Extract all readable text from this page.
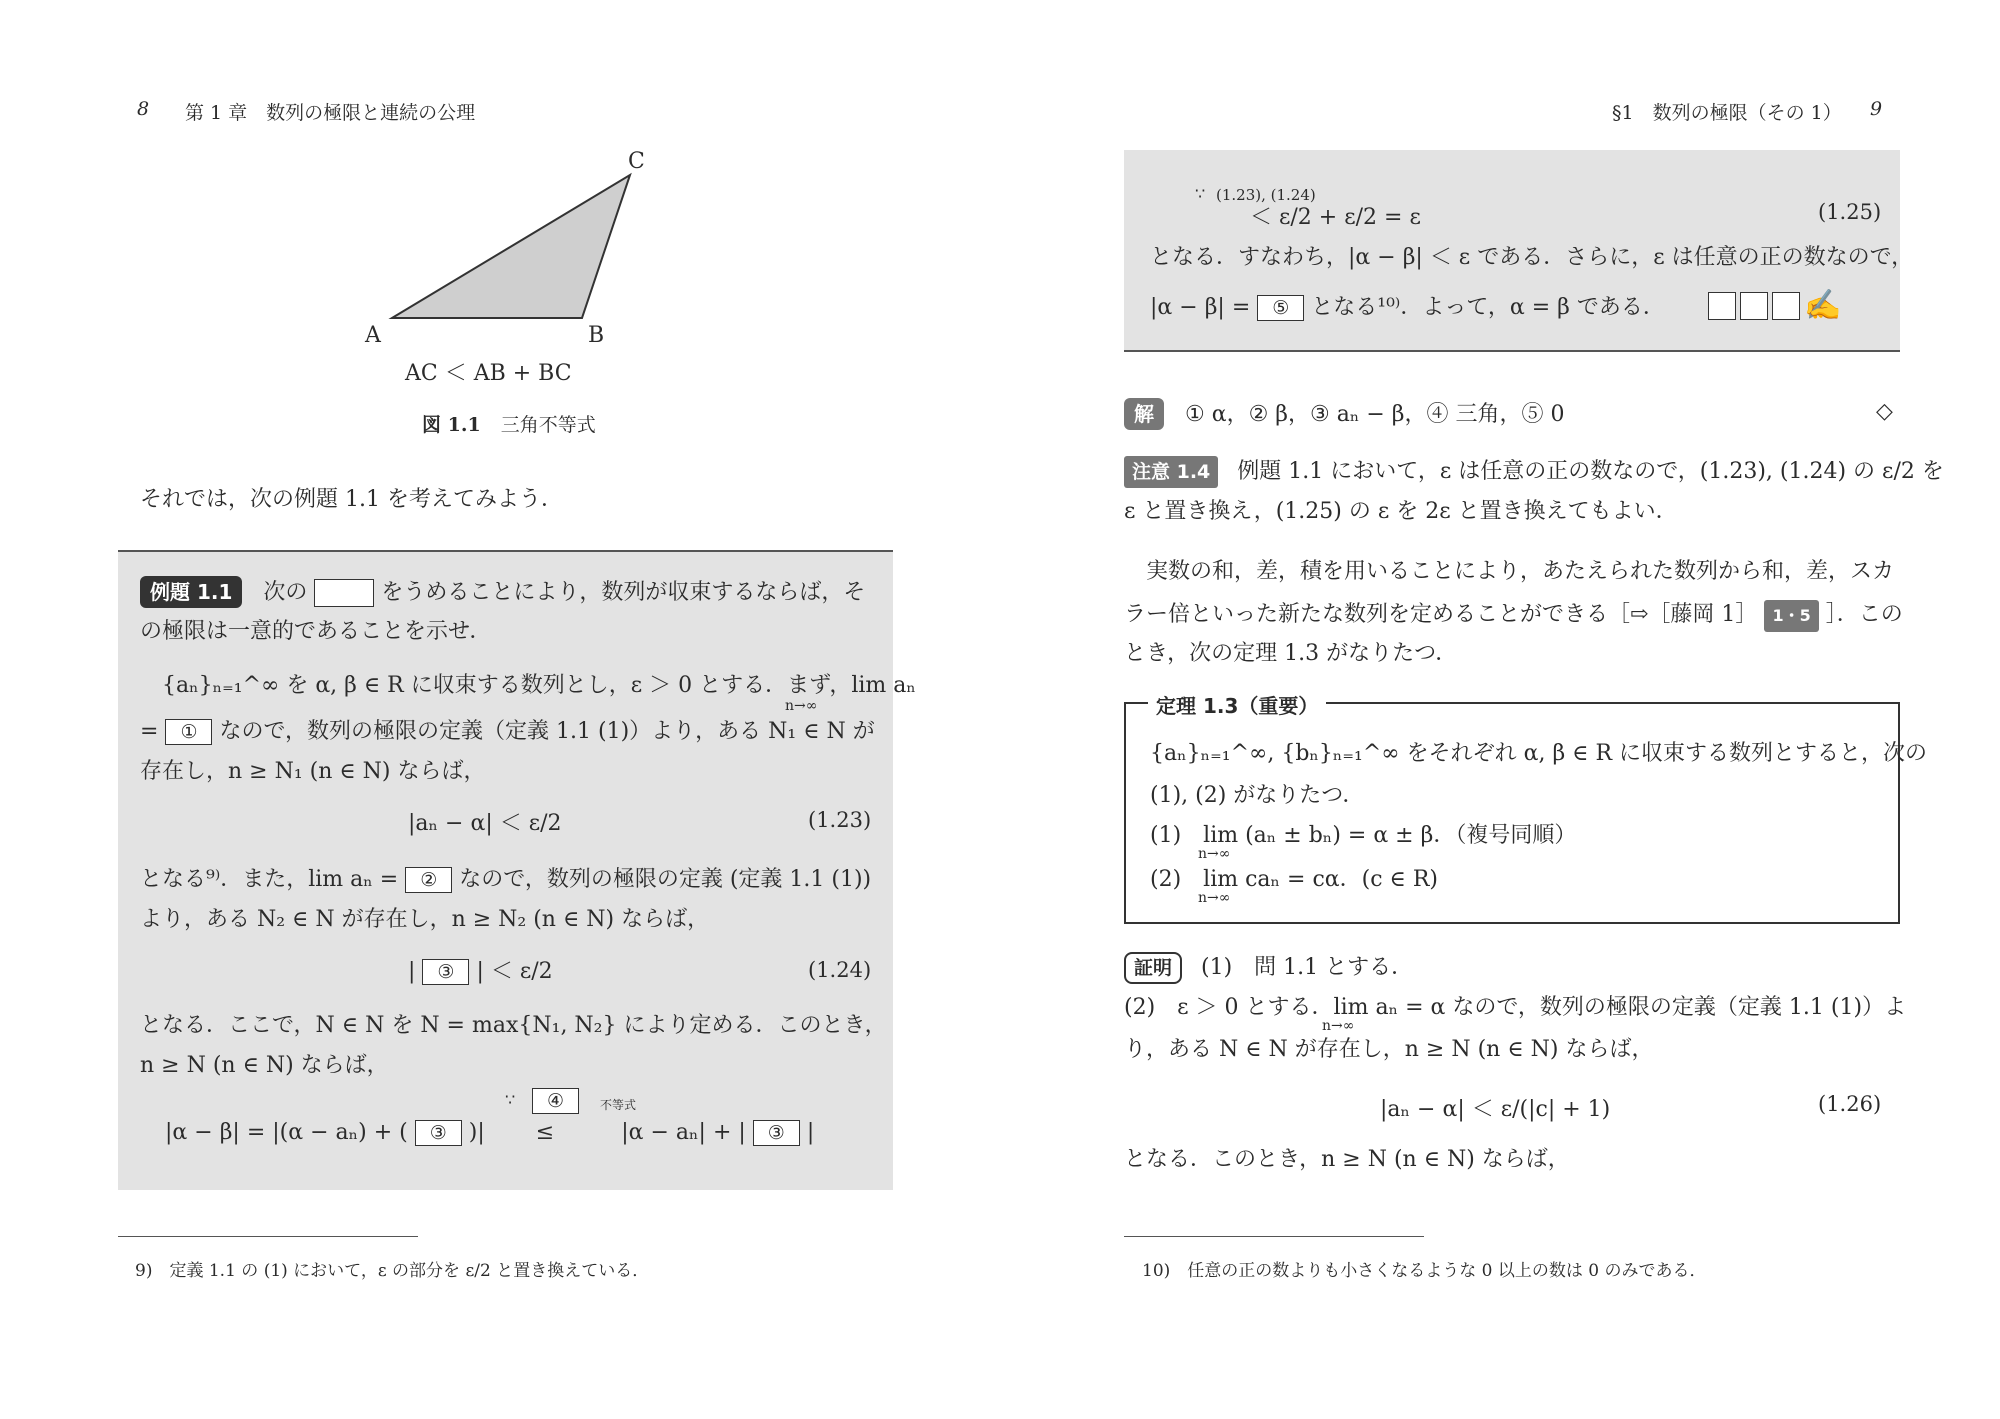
8 第 1 章　数列の極限と連続の公理
A	B
C
AC ＜ AB + BC
図 1.1 三角不等式
それでは，次の例題 1.1 を考えてみよう．
例題 1.1 次の	をうめることにより，数列が収束するならば，そ
の極限は一意的であることを示せ．
{aₙ}ₙ₌₁^∞ を α, β ∈ R に収束する数列とし，ε ＞ 0 とする．まず，lim aₙ
n→∞
= ① なので，数列の極限の定義（定義 1.1 (1)）より，ある N₁ ∈ N が
存在し，n ≥ N₁ (n ∈ N) ならば，
|aₙ − α| ＜ ε/2	(1.23)
となる⁹⁾．また，lim aₙ = ② なので，数列の極限の定義 (定義 1.1 (1))
より，ある N₂ ∈ N が存在し，n ≥ N₂ (n ∈ N) ならば，
| ③ | ＜ ε/2	(1.24)
となる．ここで，N ∈ N を N = max{N₁, N₂} により定める．このとき，
n ≥ N (n ∈ N) ならば，
∵	④	不等式
|α − β| = |(α − aₙ) + ( ③ )| ≤	|α − aₙ| + | ③ |
9)　定義 1.1 の (1) において，ε の部分を ε/2 と置き換えている．
§1　数列の極限（その 1） 9
∵ (1.23), (1.24)
＜ ε/2 + ε/2 = ε	(1.25)
となる．すなわち，|α − β| ＜ ε である．さらに，ε は任意の正の数なので，
|α − β| = ⑤ となる¹⁰⁾．よって，α = β である．	✍
解 ① α，② β，③ aₙ − β，④ 三角，⑤ 0	◇
注意 1.4 例題 1.1 において，ε は任意の正の数なので，(1.23), (1.24) の ε/2 を
ε と置き換え，(1.25) の ε を 2ε と置き換えてもよい．
実数の和，差，積を用いることにより，あたえられた数列から和，差，スカ
ラー倍といった新たな数列を定めることができる［⇨［藤岡 1］ 1・5 ］．この
とき，次の定理 1.3 がなりたつ．
定理 1.3（重要）
{aₙ}ₙ₌₁^∞, {bₙ}ₙ₌₁^∞ をそれぞれ α, β ∈ R に収束する数列とすると，次の
(1), (2) がなりたつ．
(1)　lim (aₙ ± bₙ) = α ± β．（複号同順）
n→∞
(2)　lim caₙ = cα．(c ∈ R)
n→∞
証明 (1)　問 1.1 とする．
(2)　ε ＞ 0 とする．lim aₙ = α なので，数列の極限の定義（定義 1.1 (1)）よ
n→∞
り，ある N ∈ N が存在し，n ≥ N (n ∈ N) ならば，
|aₙ − α| ＜ ε/(|c| + 1)	(1.26)
となる．このとき，n ≥ N (n ∈ N) ならば，
10)　任意の正の数よりも小さくなるような 0 以上の数は 0 のみである．
